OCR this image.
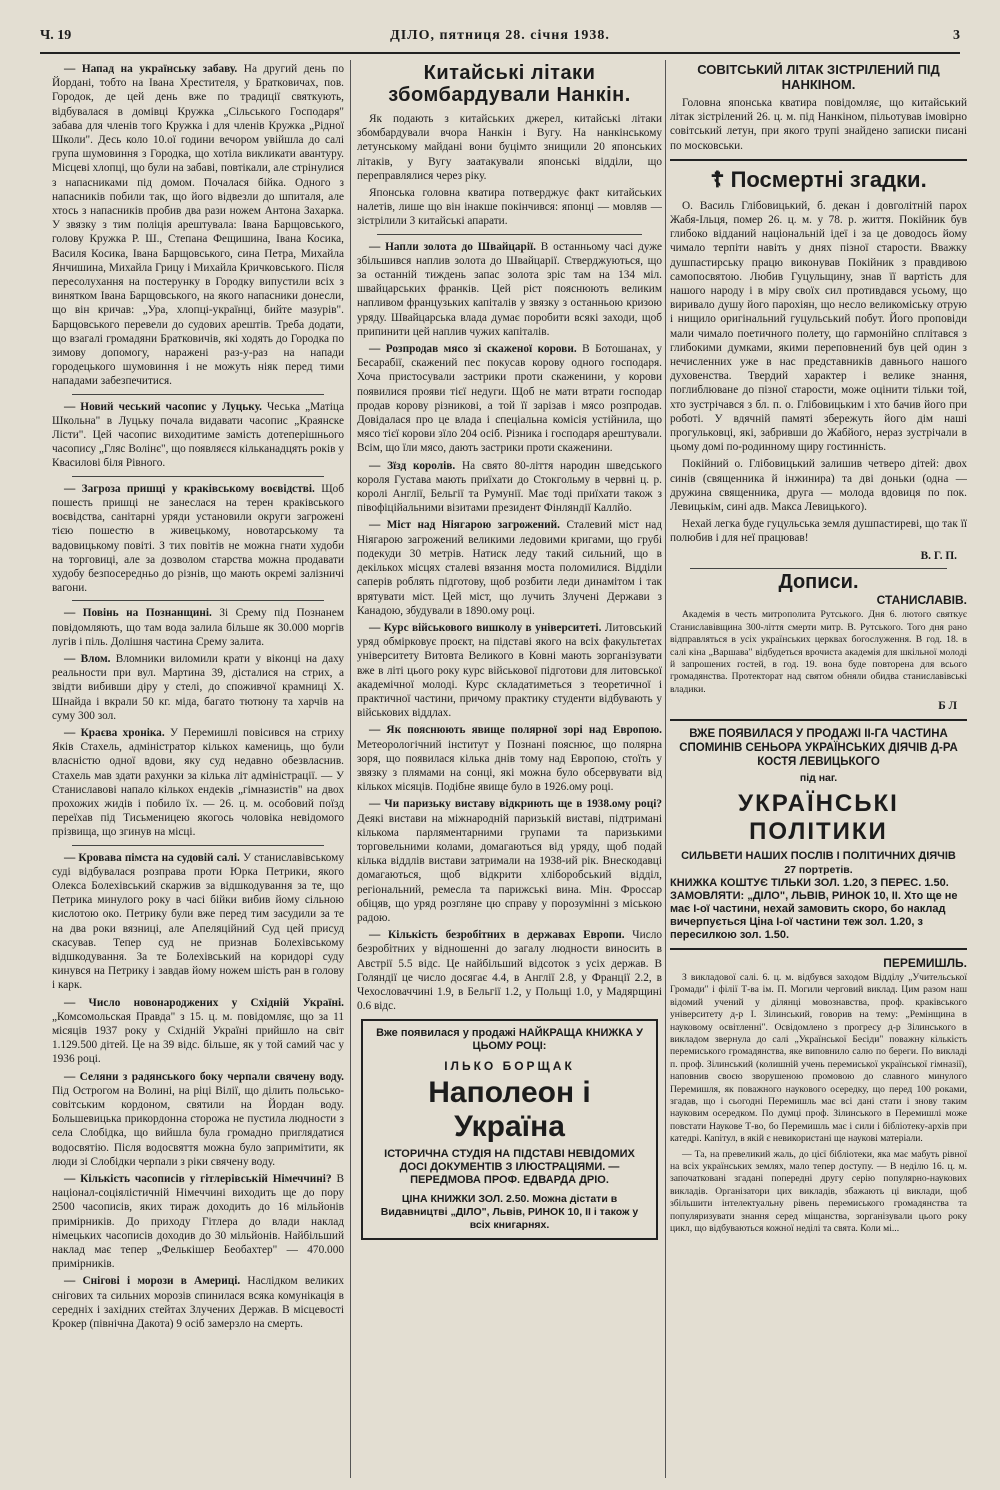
Ч. 19	ДІЛО, пятниця 28. січня 1938.	3

— Напад на українську забаву. На другий день по Йордані, тобто на Івана Хрестителя, у Братковичах, пов. Городок, де цей день вже по традиції святкують, відбувалася в домівці Кружка „Сільського Господаря" забава для членів того Кружка і для членів Кружка „Рідної Школи". Десь коло 10.ої години вечором увійшла до салі група шумовиння з Городка, що хотіла викликати авантуру. Місцеві хлопці, що були на забаві, повтікали, але стрінулися з напасниками під домом. Почалася бійка. Одного з напасників побили так, що його відвезли до шпиталя, але хтось з напасників пробив два рази ножем Антона Захарка. У звязку з тим поліція арештувала: Івана Барщовського, голову Кружка Р. Ш., Степана Фещишина, Івана Косика, Василя Косика, Івана Барщовського, сина Петра, Михайла Янчишина, Михайла Грицу і Михайла Кричковського. Після пересолухання на постерунку в Городку випустили всіх з винятком Івана Барщовського, на якого напасники донесли, що він кричав: „Ура, хлопці-українці, бийте мазурів". Барщовського перевели до судових арештів. Треба додати, що взагалі громадяни Братковичів, які ходять до Городка по зимову допомогу, наражені раз-у-раз на напади городецького шумовиння і не можуть ніяк перед тими нападами забезпечитися.

— Новий чеський часопис у Луцьку. Чеська „Матіца Школьна" в Луцьку почала видавати часопис „Краянске Лісти". Цей часопис виходитиме замість дотеперішнього часопису „Гляс Волінє", що появляєся кільканадцять років у Квасилові біля Рівного.

— Загроза пришці у краківському воєвідстві. Щоб пошесть пришці не занеслася на терен краківського воєвідства, санітарні уряди установили округи загрожені тією пошестю в живецькому, новотарському та вадовицькому повіті. З тих повітів не можна гнати худоби на торговиці, але за дозволом старства можна продавати худобу безпосередньо до різнів, що мають окремі залізничі вагони.

— Повінь на Познанщині. Зі Срему під Познанем повідомляють, що там вода залила більше як 30.000 моргів лугів і піль. Долішня частина Срему залита.

— Влом. Вломники виломили крати у віконці на даху реальности при вул. Мартина 39, дісталися на стрих, а звідти вибивши діру у стелі, до споживчої крамниці Х. Шнайда і вкрали 50 кг. міда, багато тютюну та харчів на суму 300 зол.

— Краєва хроніка. У Перемишлі повісився на стриху Яків Стахель, адміністратор кількох камениць, що були власністю одної вдови, яку суд недавно обезвласнив. Стахель мав здати рахунки за кілька літ адміністрації. — У Станиславові напало кількох ендеків „гімназистів" на двох прохожих жидів і побило їх. — 26. ц. м. особовий поїзд переїхав під Тисьменицею якогось чоловіка невідомого прізвища, що згинув на місці.

— Кровава пімста на судовій салі. У станиславівському суді відбувалася розправа проти Юрка Петрики, якого Олекса Болехівський скаржив за відшкодування за те, що Петрика минулого року в часі бійки вибив йому сільною кислотою око. Петрику були вже перед тим засудили за те на два роки вязниці, але Апеляційний Суд цей присуд скасував. Тепер суд не признав Болехівському відшкодування. За те Болехівський на коридорі суду кинувся на Петрику і завдав йому ножем шість ран в голову і карк.

— Число новонароджених у Східній Україні. „Комсомольская Правда" з 15. ц. м. повідомляє, що за 11 місяців 1937 року у Східній Україні прийшло на світ 1.129.500 дітей. Це на 39 відс. більше, як у той самий час у 1936 році.

— Селяни з радянського боку черпали свячену воду. Під Острогом на Волині, на ріці Вілії, що ділить польсько-совітським кордоном, святили на Йордан воду. Большевицька прикордонна сторожа не пустила людности з села Слобідка, що вийшла була громадно приглядатися водосвятію. Після водосвяття можна було запримітити, як люди зі Слобідки черпали з ріки свячену воду.

— Кількість часописів у гітлерівській Німеччині? В націонал-соціялістичній Німеччині виходить ще до пору 2500 часописів, яких тираж доходить до 16 мільйонів примірників. До приходу Гітлера до влади наклад німецьких часописів доходив до 30 мільйонів. Найбільший наклад має тепер „Фелькішер Беобахтер" — 470.000 примірників.

— Снігові і морози в Америці. Наслідком великих снігових та сильних морозів спинилася всяка комунікація в середніх і західних стейтах Злучених Держав. В місцевості Крокер (північна Дакота) 9 осіб замерзло на смерть.

Китайські літаки збомбардували Нанкін.

Як подають з китайських джерел, китайські літаки збомбардували вчора Нанкін і Вугу. На нанкінському летунському майдані вони буцімто знищили 20 японських літаків, у Вугу заатакували японські відділи, що переправлялися через ріку.

Японська головна кватира потверджує факт китайських налетів, лише що він інакше покінчився: японці — мовляв — зістрілили 3 китайські апарати.

— Напли золота до Швайцарії. В останньому часі дуже збільшився наплив золота до Швайцарії. Стверджуються, що за останній тиждень запас золота зріс там на 134 міл. швайцарських франків. Цей ріст пояснюють великим напливом французьких капіталів у звязку з останньою кризою уряду. Швайцарська влада думає поробити всякі заходи, щоб припинити цей наплив чужих капіталів.

— Розпродав мясо зі скаженої корови. В Ботошанах, у Бесарабії, скажений пес покусав корову одного господаря. Хоча пристосували застрики проти скаженини, у корови появилися прояви тієї недуги. Щоб не мати втрати господар продав корову різникові, а той її зарізав і мясо розпродав. Довідалася про це влада і спеціальна комісія устійнила, що мясо тієї корови зїло 204 осіб. Різника і господаря арештували. Всім, що їли мясо, дають застрики проти скаженини.

— Зїзд королів. На свято 80-ліття народин шведського короля Густава мають приїхати до Стокгольму в червні ц. р. королі Англії, Бельгії та Румунії. Має тоді приїхати також з півофіційальними візитами президент Фінляндії Каллйо.

— Міст над Ніягарою загрожений. Сталевий міст над Ніягарою загрожений великими ледовими кригами, що грубі подекуди 30 метрів. Натиск леду такий сильний, що в декількох місцях сталеві вязання моста поломилися. Відділи саперів роблять підготову, щоб розбити леди динамітом і так врятувати міст. Цей міст, що лучить Злучені Держави з Канадою, збудували в 1890.ому році.

— Курс військового вишколу в університеті. Литовський уряд обмірковує проєкт, на підставі якого на всіх факультетах університету Витовта Великого в Ковні мають зорганізувати вже в літі цього року курс військової підготови для литовської академічної молоді. Курс складатиметься з теоретичної і практичної частини, причому практику студенти відбувають у військових віддлах.

— Як пояснюють явище полярної зорі над Европою. Метеорологічний інститут у Познані пояснює, що полярна зоря, що появилася кілька днів тому над Европою, стоїть у звязку з плямами на сонці, які можна було обсервувати від кількох місяців. Подібне явище було в 1926.ому році.

— Чи паризьку виставу відкриють ще в 1938.ому році? Деякі вистави на міжнародній паризькій виставі, підтримані кількома парляментарними групами та паризькими торговельними колами, домагаються від уряду, щоб подай кілька віддлів вистави затримали на 1938-ий рік. Внескодавці домагаються, щоб відкрити хліборобський відділ, регіональний, ремесла та парижські вина. Мін. Фроссар обіцяв, що уряд розгляне цю справу у порозумінні з міською радою.

— Кількість безробітних в державах Европи. Число безробітних у відношенні до загалу людности виносить в Австрії 5.5 відс. Це найбільший відсоток з усіх держав. В Голяндії це число досягає 4.4, в Англії 2.8, у Франції 2.2, в Чехословаччині 1.9, в Бельгії 1.2, у Польщі 1.0, у Мадярщині 0.6 відс.

Вже появилася у продажі НАЙКРАЩА КНИЖКА У ЦЬОМУ РОЦІ:
ІЛЬКО БОРЩАК
Наполеон і Україна
ІСТОРИЧНА СТУДІЯ НА ПІДСТАВІ НЕВІДОМИХ ДОСІ ДОКУМЕНТІВ З ІЛЮСТРАЦІЯМИ. — ПЕРЕДМОВА ПРОФ. ЕДВАРДА ДРІО.
ЦІНА КНИЖКИ ЗОЛ. 2.50. Можна дістати в Видавництві „ДІЛО", Львів, РИНОК 10, II і також у всіх книгарнях.
СОВІТСЬКИЙ ЛІТАК ЗІСТРІЛЕНИЙ ПІД НАНКІНОМ.

Головна японська кватира повідомляє, що китайський літак зістрілений 26. ц. м. під Нанкіном, пільотував імовірно совітський летун, при якого трупі знайдено записки писані по московськи.

☦ Посмертні згадки.

О. Василь Глібовицький, б. декан і довголітній парох Жабя-Ільця, помер 26. ц. м. у 78. р. життя. Покійник був глибоко відданий національній ідеї і за це доводось йому чимало терпіти навіть у днях пізної старости. Вважку душпастирську працю виконував Покійник з правдивою самопосвятою. Любив Гуцульщину, знав її вартість для нашого народу і в міру своїх сил противдався усьому, що виривало душу його парохіян, що несло великоміську отрую і нищило оригінальний гуцульський побут. Його проповіди мали чимало поетичного полету, що гармонійно сплітався з глибокими думками, якими переповнений був цей один з нечисленних уже в нас представників давнього нашого духовенства. Твердий характер і велике знання, поглиблюване до пізної старости, може оцінити тільки той, хто зустрічався з бл. п. о. Глібовицьким і хто бачив його при роботі. У вдячній памяті збережуть його дім наші прогульковці, які, забривши до Жабйого, нераз зустрічали в цьому домі по-родинному щиру гостинність.

Покійний о. Глібовицький залишив четверо дітей: двох синів (священника й інжинира) та дві доньки (одна — дружина священника, друга — молода вдовиця по пок. Левицькім, сині адв. Макса Левицького).

Нехай легка буде гуцульська земля душпастиреві, що так її полюбив і для неї працював!

В. Г. П.
Дописи.
СТАНИСЛАВІВ.

Академія в честь митрополита Рутського. Дня 6. лютого святкує Станиславівщина 300-ліття смерти митр. В. Рутського. Того дня рано відправляться в усіх українських церквах богослуження. В год. 18. в салі кіна „Варшава" відбудеться врочиста академія для шкільної молоді й запрошених гостей, в год. 19. вона буде повторена для всього громадянства. Протекторат над святом обняли обидва станиславівські владики.

Б Л
ВЖЕ ПОЯВИЛАСЯ У ПРОДАЖІ ІІ-ГА ЧАСТИНА СПОМИНІВ СЕНЬОРА УКРАЇНСЬКИХ ДІЯЧІВ Д-РА КОСТЯ ЛЕВИЦЬКОГО
під наг.
УКРАЇНСЬКІ ПОЛІТИКИ
СИЛЬВЕТИ НАШИХ ПОСЛІВ І ПОЛІТИЧНИХ ДІЯЧІВ
27 портретів.
КНИЖКА КОШТУЄ ТІЛЬКИ ЗОЛ. 1.20, З ПЕРЕС. 1.50. ЗАМОВЛЯТИ: „ДІЛО", ЛЬВІВ, РИНОК 10, II. Хто ще не має I-ої частини, нехай замовить скоро, бо наклад вичерпується Ціна I-ої частини теж зол. 1.20, з пересилкою зол. 1.50.
ПЕРЕМИШЛЬ.

З викладової салі. 6. ц. м. відбувся заходом Відділу „Учительської Громади" і філії Т-ва ім. П. Могили черговий виклад. Цим разом наш відомий учений у ділянці мовознавства, проф. краківського університету д-р І. Зілинський, говорив на тему: „Ремінщина в науковому освітленні". Освідомлено з прогресу д-р Зілинського в викладом звернула до салі „Української Бесіди" поважну кількість перемиського громадянства, яке виповнило салю по береги. По викладі п. проф. Зілинський (колишній учень перемиської української гімназії), наповнив своєю зворушеною промовою до славного минулого Перемишля, як поважного наукового осередку, що перед 100 роками, згадав, що і сьогодні Перемишль має всі дані стати і знову таким науковим осередком. По думці проф. Зілинського в Перемишлі може повстати Наукове Т-во, бо Перемишль має і сили і бібліотеку-архів при катедрі. Капітул, в якій є невикористані ще наукові матеріали.

— Та, на превеликий жаль, до цієї бібліотеки, яка має мабуть рівної на всіх українських землях, мало тепер доступу. — В неділю 16. ц. м. започатковані згадані попередні другу серію популярно-наукових викладів. Організатори цих викладів, збажають ці виклади, щоб збільшити інтелектуальну рівень перемиського громадянства та популяризувати знання серед міщанства, зорганізували цього року цикл, що відбуваються кожної неділі та свята. Коли мі...
